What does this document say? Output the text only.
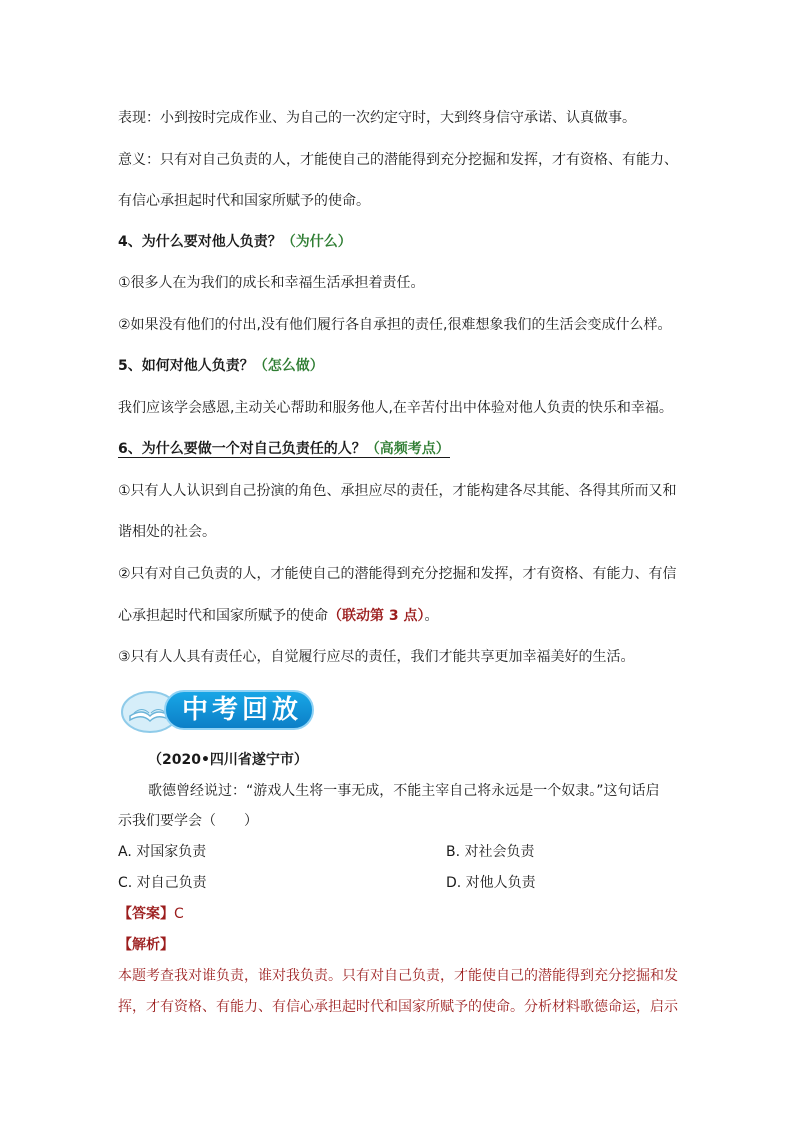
表现：小到按时完成作业、为自己的一次约定守时，大到终身信守承诺、认真做事。
意义：只有对自己负责的人，才能使自己的潜能得到充分挖掘和发挥，才有资格、有能力、
有信心承担起时代和国家所赋予的使命。
4、为什么要对他人负责？（为什么）
①很多人在为我们的成长和幸福生活承担着责任。
②如果没有他们的付出,没有他们履行各自承担的责任,很难想象我们的生活会变成什么样。
5、如何对他人负责？（怎么做）
我们应该学会感恩,主动关心帮助和服务他人,在辛苦付出中体验对他人负责的快乐和幸福。
6、为什么要做一个对自己负责任的人？（高频考点）
①只有人人认识到自己扮演的角色、承担应尽的责任，才能构建各尽其能、各得其所而又和
谐相处的社会。
②只有对自己负责的人，才能使自己的潜能得到充分挖掘和发挥，才有资格、有能力、有信
心承担起时代和国家所赋予的使命（联动第 3 点）。
③只有人人具有责任心，自觉履行应尽的责任，我们才能共享更加幸福美好的生活。
中考回放
（2020•四川省遂宁市）
歌德曾经说过：“游戏人生将一事无成，不能主宰自己将永远是一个奴隶。”这句话启
示我们要学会（　　）
A. 对国家负责	B. 对社会负责
C. 对自己负责	D. 对他人负责
【答案】C
【解析】
本题考查我对谁负责，谁对我负责。只有对自己负责，才能使自己的潜能得到充分挖掘和发
挥，才有资格、有能力、有信心承担起时代和国家所赋予的使命。分析材料歌德命运，启示
